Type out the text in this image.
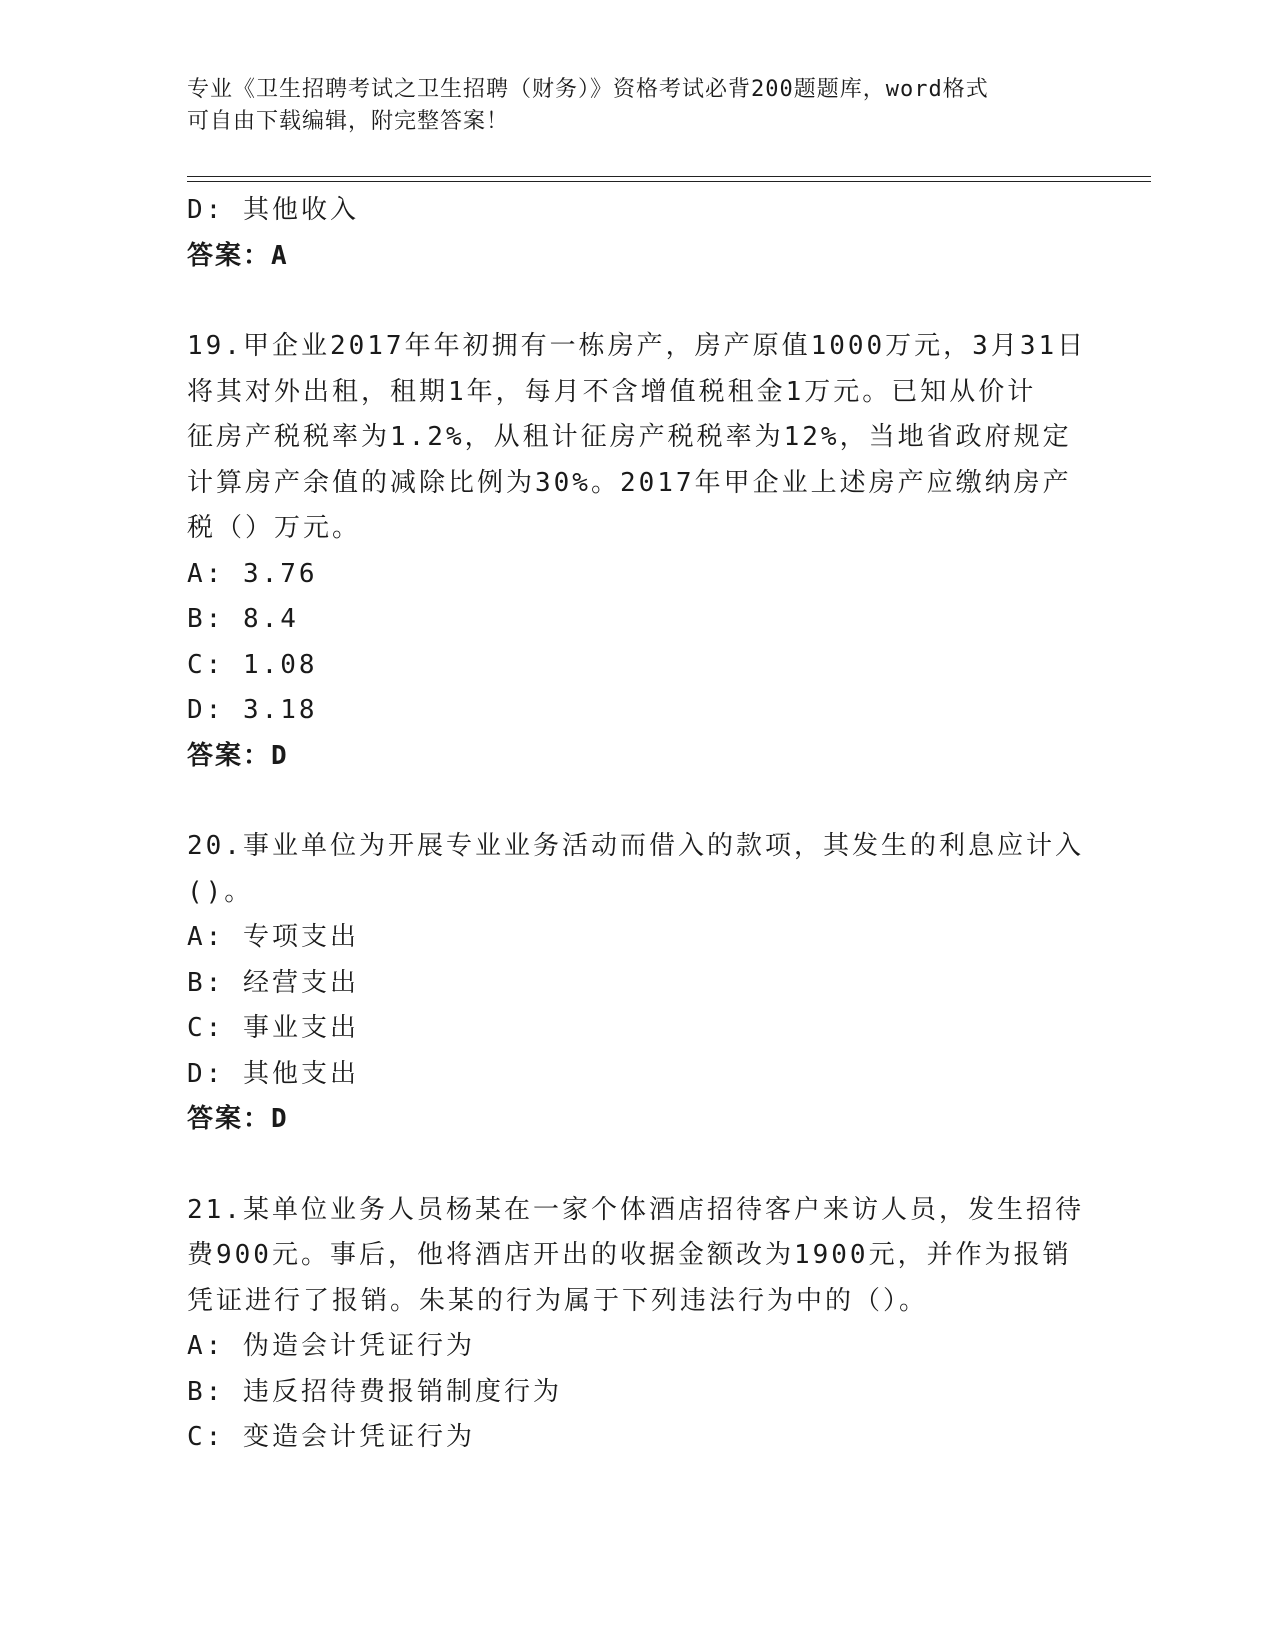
专业《卫生招聘考试之卫生招聘（财务）》资格考试必背200题题库，word格式
可自由下载编辑，附完整答案！
D: 其他收入
答案：A
19.甲企业2017年年初拥有一栋房产，房产原值1000万元，3月31日
将其对外出租，租期1年，每月不含增值税租金1万元。已知从价计
征房产税税率为1.2%，从租计征房产税税率为12%，当地省政府规定
计算房产余值的减除比例为30%。2017年甲企业上述房产应缴纳房产
税（）万元。
A: 3.76
B: 8.4
C: 1.08
D: 3.18
答案：D
20.事业单位为开展专业业务活动而借入的款项，其发生的利息应计入
()。
A: 专项支出
B: 经营支出
C: 事业支出
D: 其他支出
答案：D
21.某单位业务人员杨某在一家个体酒店招待客户来访人员，发生招待
费900元。事后，他将酒店开出的收据金额改为1900元，并作为报销
凭证进行了报销。朱某的行为属于下列违法行为中的（）。
A: 伪造会计凭证行为
B: 违反招待费报销制度行为
C: 变造会计凭证行为
